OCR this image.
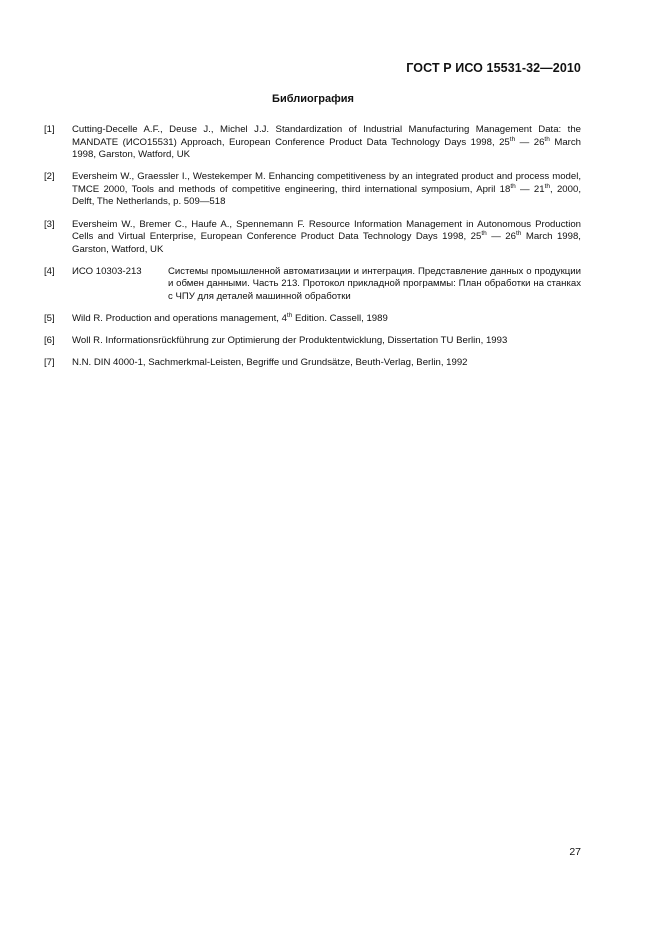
ГОСТ Р ИСО 15531-32—2010
Библиография
[1]	Cutting-Decelle A.F., Deuse J., Michel J.J. Standardization of Industrial Manufacturing Management Data: the MANDATE (ИСО15531) Approach, European Conference Product Data Technology Days 1998, 25th — 26th March 1998, Garston, Watford, UK
[2]	Eversheim W., Graessler I., Westekemper M. Enhancing competitiveness by an integrated product and process model, TMCE 2000, Tools and methods of competitive engineering, third international symposium, April 18th — 21th, 2000, Delft, The Netherlands, p. 509—518
[3]	Eversheim W., Bremer C., Haufe A., Spennemann F. Resource Information Management in Autonomous Production Cells and Virtual Enterprise, European Conference Product Data Technology Days 1998, 25th — 26th March 1998, Garston, Watford, UK
[4]	ИСО 10303-213	Системы промышленной автоматизации и интеграция. Представление данных о продукции и обмен данными. Часть 213. Протокол прикладной программы: План обработки на станках с ЧПУ для деталей машинной обработки
[5]	Wild R. Production and operations management, 4th Edition. Cassell, 1989
[6]	Woll R. Informationsrückführung zur Optimierung der Produktentwicklung, Dissertation TU Berlin, 1993
[7]	N.N. DIN 4000-1, Sachmerkmal-Leisten, Begriffe und Grundsätze, Beuth-Verlag, Berlin, 1992
27
